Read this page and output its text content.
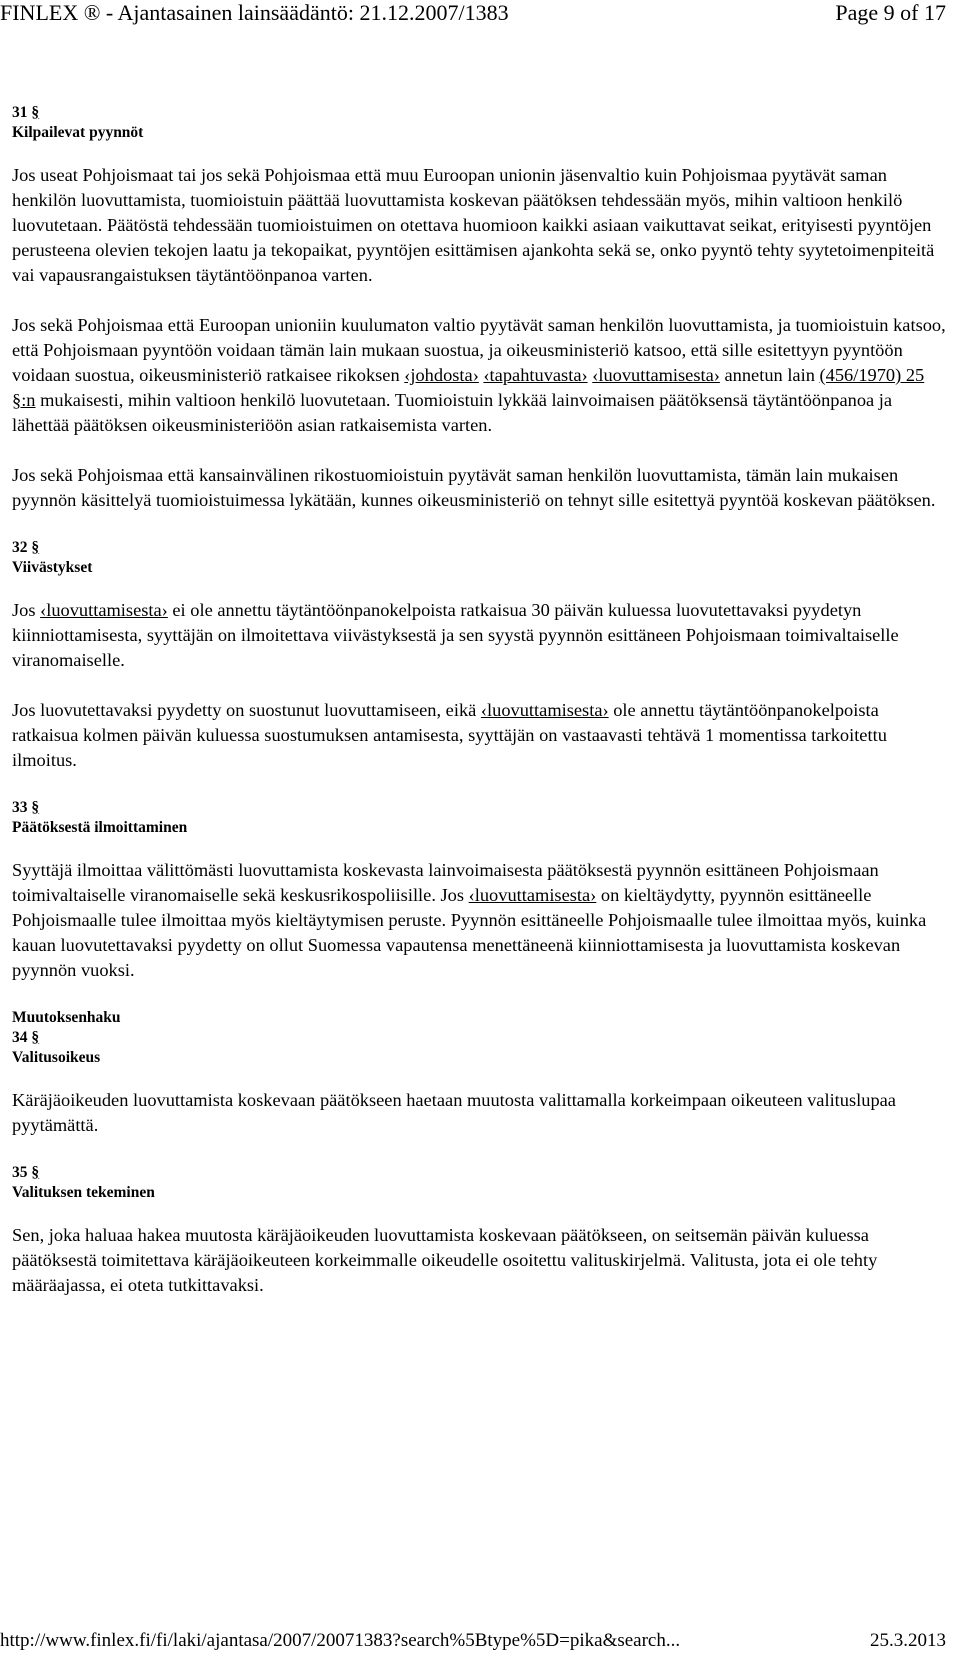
FINLEX ® - Ajantasainen lainsäädäntö: 21.12.2007/1383	Page 9 of 17
31 §
Kilpailevat pyynnöt

Jos useat Pohjoismaat tai jos sekä Pohjoismaa että muu Euroopan unionin jäsenvaltio kuin Pohjoismaa pyytävät saman henkilön luovuttamista, tuomioistuin päättää luovuttamista koskevan päätöksen tehdessään myös, mihin valtioon henkilö luovutetaan. Päätöstä tehdessään tuomioistuimen on otettava huomioon kaikki asiaan vaikuttavat seikat, erityisesti pyyntöjen perusteena olevien tekojen laatu ja tekopaikat, pyyntöjen esittämisen ajankohta sekä se, onko pyyntö tehty syytetoimenpiteitä vai vapausrangaistuksen täytäntöönpanoa varten.

Jos sekä Pohjoismaa että Euroopan unioniin kuulumaton valtio pyytävät saman henkilön luovuttamista, ja tuomioistuin katsoo, että Pohjoismaan pyyntöön voidaan tämän lain mukaan suostua, ja oikeusministeriö katsoo, että sille esitettyyn pyyntöön voidaan suostua, oikeusministeriö ratkaisee rikoksen ‹johdosta› ‹tapahtuvasta› ‹luovuttamisesta› annetun lain (456/1970) 25 §:n mukaisesti, mihin valtioon henkilö luovutetaan. Tuomioistuin lykkää lainvoimaisen päätöksensä täytäntöönpanoa ja lähettää päätöksen oikeusministeriöön asian ratkaisemista varten.

Jos sekä Pohjoismaa että kansainvälinen rikostuomioistuin pyytävät saman henkilön luovuttamista, tämän lain mukaisen pyynnön käsittelyä tuomioistuimessa lykätään, kunnes oikeusministeriö on tehnyt sille esitettyä pyyntöä koskevan päätöksen.

32 §
Viivästykset

Jos ‹luovuttamisesta› ei ole annettu täytäntöönpanokelpoista ratkaisua 30 päivän kuluessa luovutettavaksi pyydetyn kiinniottamisesta, syyttäjän on ilmoitettava viivästyksestä ja sen syystä pyynnön esittäneen Pohjoismaan toimivaltaiselle viranomaiselle.

Jos luovutettavaksi pyydetty on suostunut luovuttamiseen, eikä ‹luovuttamisesta› ole annettu täytäntöönpanokelpoista ratkaisua kolmen päivän kuluessa suostumuksen antamisesta, syyttäjän on vastaavasti tehtävä 1 momentissa tarkoitettu ilmoitus.

33 §
Päätöksestä ilmoittaminen

Syyttäjä ilmoittaa välittömästi luovuttamista koskevasta lainvoimaisesta päätöksestä pyynnön esittäneen Pohjoismaan toimivaltaiselle viranomaiselle sekä keskusrikospoliisille. Jos ‹luovuttamisesta› on kieltäydytty, pyynnön esittäneelle Pohjoismaalle tulee ilmoittaa myös kieltäytymisen peruste. Pyynnön esittäneelle Pohjoismaalle tulee ilmoittaa myös, kuinka kauan luovutettavaksi pyydetty on ollut Suomessa vapautensa menettäneenä kiinniottamisesta ja luovuttamista koskevan pyynnön vuoksi.

Muutoksenhaku
34 §
Valitusoikeus

Käräjäoikeuden luovuttamista koskevaan päätökseen haetaan muutosta valittamalla korkeimpaan oikeuteen valituslupaa pyytämättä.

35 §
Valituksen tekeminen

Sen, joka haluaa hakea muutosta käräjäoikeuden luovuttamista koskevaan päätökseen, on seitsemän päivän kuluessa päätöksestä toimitettava käräjäoikeuteen korkeimmalle oikeudelle osoitettu valituskirjelmä. Valitusta, jota ei ole tehty määräajassa, ei oteta tutkittavaksi.

http://www.finlex.fi/fi/laki/ajantasa/2007/20071383?search%5Btype%5D=pika&search...	25.3.2013
